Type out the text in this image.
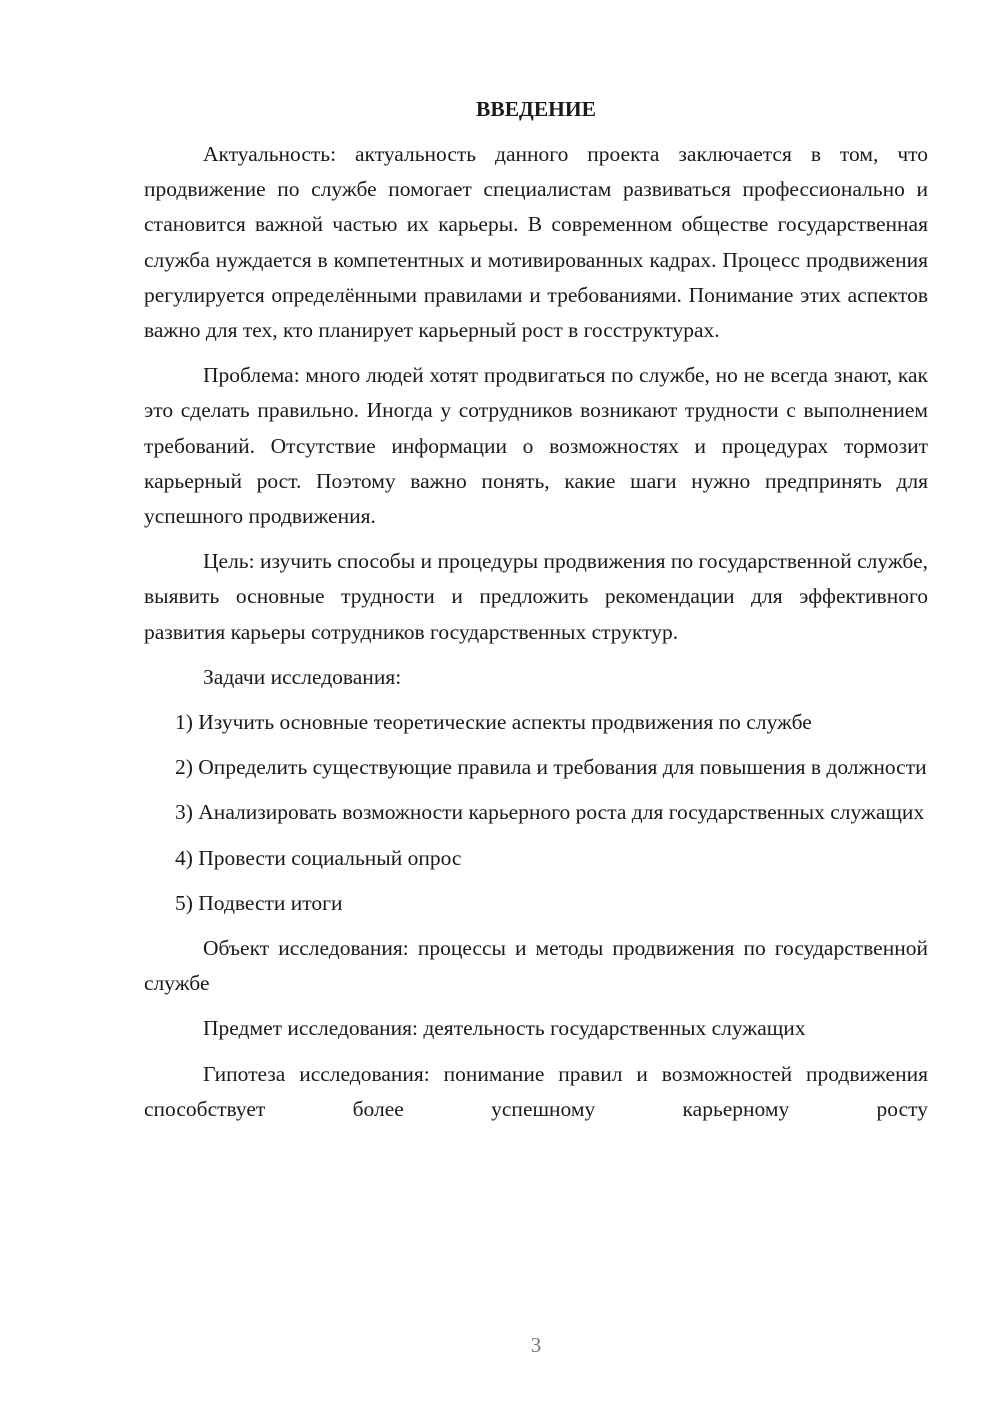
ВВЕДЕНИЕ

Актуальность: актуальность данного проекта заключается в том, что продвижение по службе помогает специалистам развиваться профессионально и становится важной частью их карьеры. В современном обществе государственная служба нуждается в компетентных и мотивированных кадрах. Процесс продвижения регулируется определёнными правилами и требованиями. Понимание этих аспектов важно для тех, кто планирует карьерный рост в госструктурах.

Проблема: много людей хотят продвигаться по службе, но не всегда знают, как это сделать правильно. Иногда у сотрудников возникают трудности с выполнением требований. Отсутствие информации о возможностях и процедурах тормозит карьерный рост. Поэтому важно понять, какие шаги нужно предпринять для успешного продвижения.

Цель: изучить способы и процедуры продвижения по государственной службе, выявить основные трудности и предложить рекомендации для эффективного развития карьеры сотрудников государственных структур.

Задачи исследования:

1) Изучить основные теоретические аспекты продвижения по службе

2) Определить существующие правила и требования для повышения в должности

3) Анализировать возможности карьерного роста для государственных служащих

4) Провести социальный опрос

5) Подвести итоги

Объект исследования: процессы и методы продвижения по государственной службе

Предмет исследования: деятельность государственных служащих

Гипотеза исследования: понимание правил и возможностей продвижения способствует более успешному карьерному росту

3
